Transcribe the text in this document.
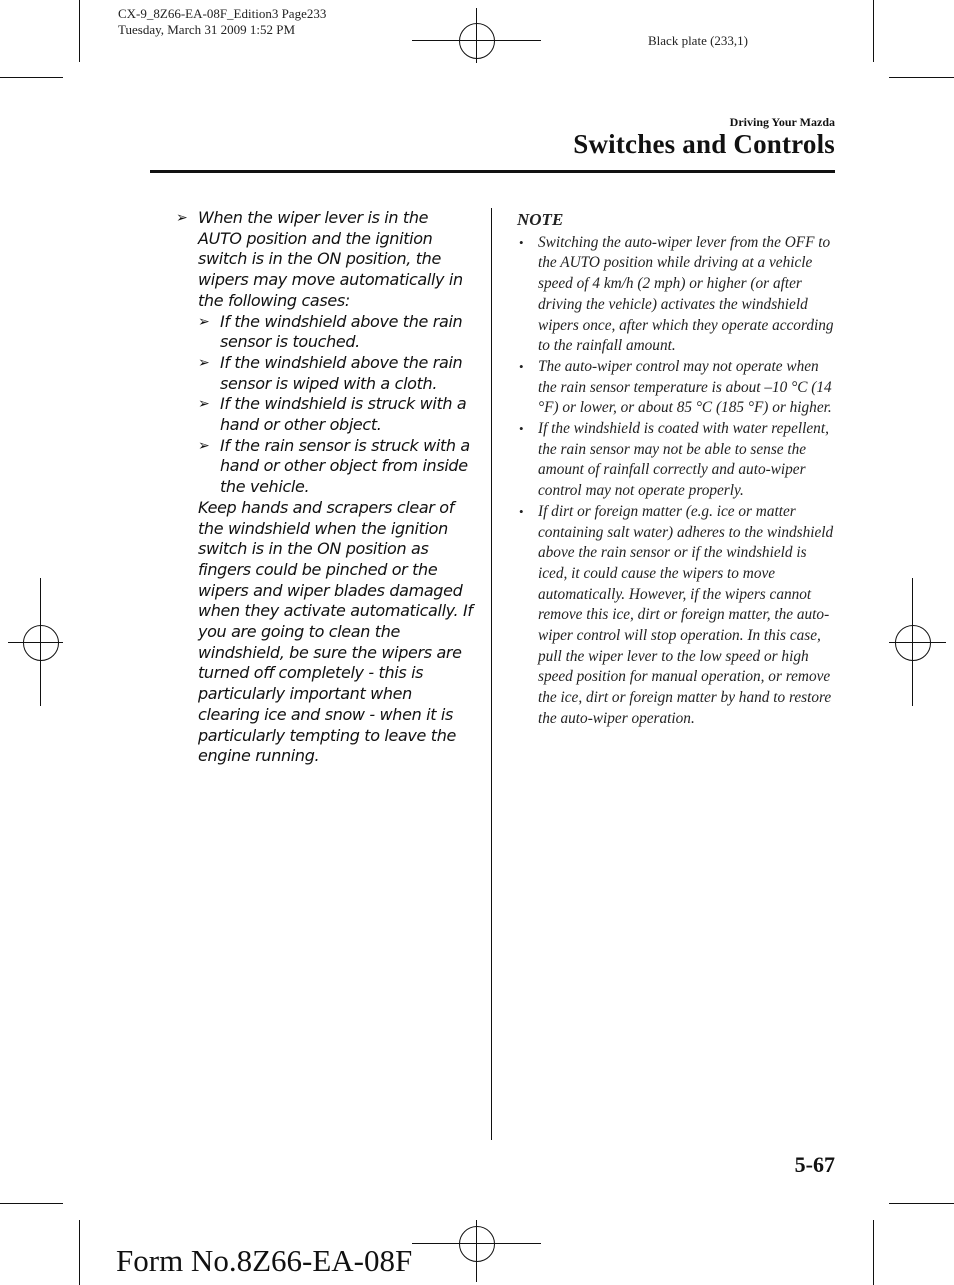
CX-9_8Z66-EA-08F_Edition3 Page233
Tuesday, March 31 2009 1:52 PM
Black plate (233,1)
Driving Your Mazda
Switches and Controls
➢ When the wiper lever is in the AUTO position and the ignition switch is in the ON position, the wipers may move automatically in the following cases:
➢ If the windshield above the rain sensor is touched.
➢ If the windshield above the rain sensor is wiped with a cloth.
➢ If the windshield is struck with a hand or other object.
➢ If the rain sensor is struck with a hand or other object from inside the vehicle.
Keep hands and scrapers clear of the windshield when the ignition switch is in the ON position as fingers could be pinched or the wipers and wiper blades damaged when they activate automatically. If you are going to clean the windshield, be sure the wipers are turned off completely - this is particularly important when clearing ice and snow - when it is particularly tempting to leave the engine running.
NOTE
• Switching the auto-wiper lever from the OFF to the AUTO position while driving at a vehicle speed of 4 km/h (2 mph) or higher (or after driving the vehicle) activates the windshield wipers once, after which they operate according to the rainfall amount.
• The auto-wiper control may not operate when the rain sensor temperature is about –10 °C (14 °F) or lower, or about 85 °C (185 °F) or higher.
• If the windshield is coated with water repellent, the rain sensor may not be able to sense the amount of rainfall correctly and auto-wiper control may not operate properly.
• If dirt or foreign matter (e.g. ice or matter containing salt water) adheres to the windshield above the rain sensor or if the windshield is iced, it could cause the wipers to move automatically. However, if the wipers cannot remove this ice, dirt or foreign matter, the auto-wiper control will stop operation. In this case, pull the wiper lever to the low speed or high speed position for manual operation, or remove the ice, dirt or foreign matter by hand to restore the auto-wiper operation.
5-67
Form No.8Z66-EA-08F
